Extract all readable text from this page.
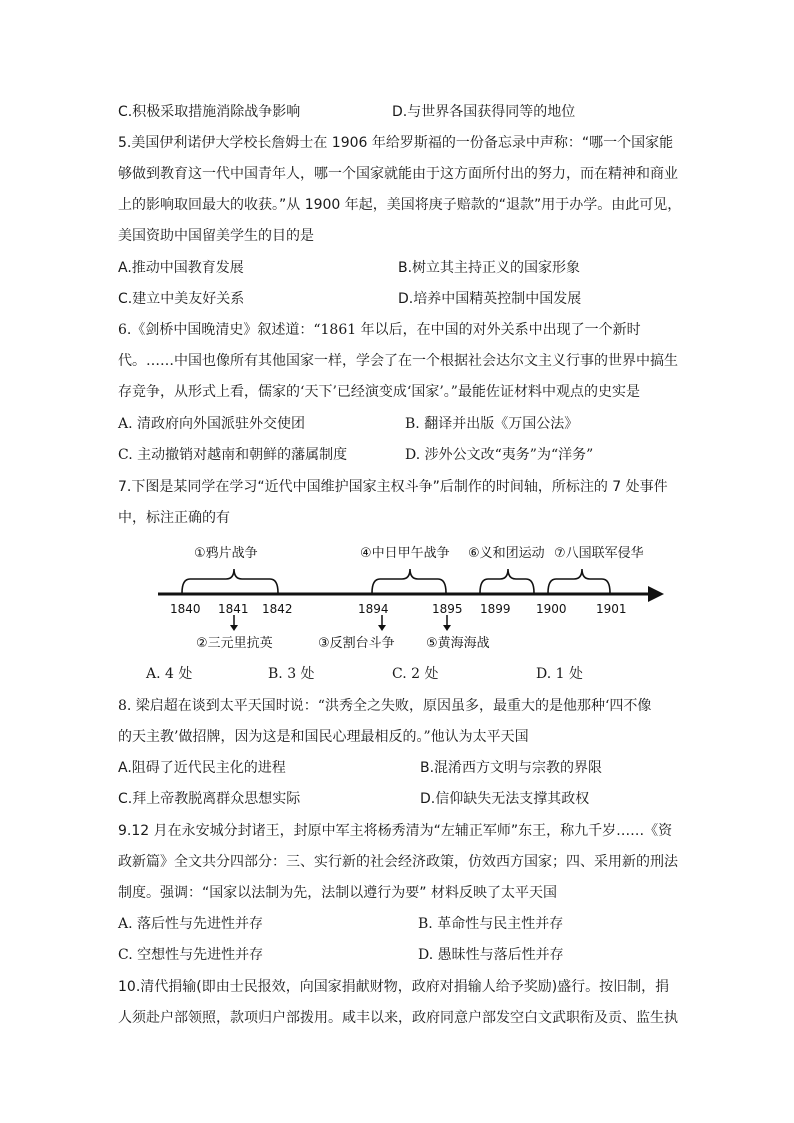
C.积极采取措施消除战争影响	D.与世界各国获得同等的地位
5.美国伊利诺伊大学校长詹姆士在 1906 年给罗斯福的一份备忘录中声称：“哪一个国家能
够做到教育这一代中国青年人，哪一个国家就能由于这方面所付出的努力，而在精神和商业
上的影响取回最大的收获。”从 1900 年起，美国将庚子赔款的“退款”用于办学。由此可见，
美国资助中国留美学生的目的是
A.推动中国教育发展	B.树立其主持正义的国家形象
C.建立中美友好关系	D.培养中国精英控制中国发展
6.《剑桥中国晚清史》叙述道：“1861 年以后，在中国的对外关系中出现了一个新时
代。……中国也像所有其他国家一样，学会了在一个根据社会达尔文主义行事的世界中搞生
存竞争，从形式上看，儒家的‘天下’已经演变成‘国家’。”最能佐证材料中观点的史实是
A. 清政府向外国派驻外交使团	B. 翻译并出版《万国公法》
C. 主动撤销对越南和朝鲜的藩属制度	D. 涉外公文改“夷务”为“洋务”
7.下图是某同学在学习“近代中国维护国家主权斗争”后制作的时间轴，所标注的 7 处事件
中，标注正确的有
①鸦片战争	④中日甲午战争 ⑥义和团运动 ⑦八国联军侵华
1840 1841 1842	1894	1895 1899 1900 1901
②三元里抗英	③反割台斗争 ⑤黄海海战
A. 4 处	B. 3 处	C. 2 处	D. 1 处
8. 梁启超在谈到太平天国时说：“洪秀全之失败，原因虽多，最重大的是他那种‘四不像
的天主教’做招牌，因为这是和国民心理最相反的。”他认为太平天国
A.阻碍了近代民主化的进程	B.混淆西方文明与宗教的界限
C.拜上帝教脱离群众思想实际	D.信仰缺失无法支撑其政权
9.12 月在永安城分封诸王，封原中军主将杨秀清为“左辅正军师”东王，称九千岁……《资
政新篇》全文共分四部分：三、实行新的社会经济政策，仿效西方国家；四、采用新的刑法
制度。强调：“国家以法制为先，法制以遵行为要” 材料反映了太平天国
A. 落后性与先进性并存	B. 革命性与民主性并存
C. 空想性与先进性并存	D. 愚昧性与落后性并存
10.清代捐输(即由士民报效，向国家捐献财物，政府对捐输人给予奖励)盛行。按旧制，捐
人须赴户部领照，款项归户部拨用。咸丰以来，政府同意户部发空白文武职衔及贡、监生执
